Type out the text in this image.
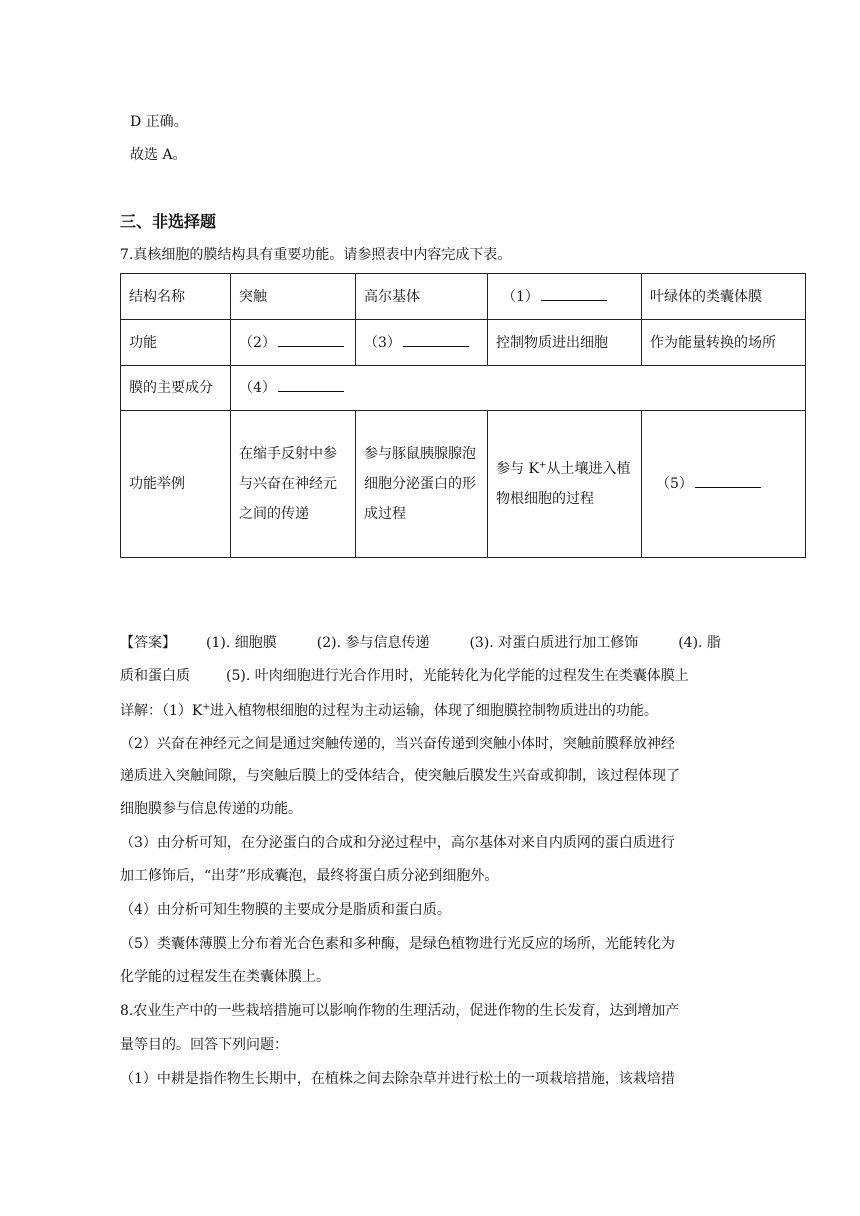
D 正确。
故选 A。
三、非选择题
7.真核细胞的膜结构具有重要功能。请参照表中内容完成下表。
结构名称	突触	高尔基体	（1）	叶绿体的类囊体膜
功能	（2）	（3）	控制物质进出细胞	作为能量转换的场所
膜的主要成分	（4）			
功能举例	在缩手反射中参与兴奋在神经元之间的传递	参与豚鼠胰腺腺泡细胞分泌蛋白的形成过程	参与 K+从土壤进入植物根细胞的过程	（5）
【答案】 (1). 细胞膜	(2). 参与信息传递	(3). 对蛋白质进行加工修饰	(4). 脂
质和蛋白质	(5). 叶肉细胞进行光合作用时，光能转化为化学能的过程发生在类囊体膜上
详解：（1）K+进入植物根细胞的过程为主动运输，体现了细胞膜控制物质进出的功能。
（2）兴奋在神经元之间是通过突触传递的，当兴奋传递到突触小体时，突触前膜释放神经
递质进入突触间隙，与突触后膜上的受体结合，使突触后膜发生兴奋或抑制，该过程体现了
细胞膜参与信息传递的功能。
（3）由分析可知，在分泌蛋白的合成和分泌过程中，高尔基体对来自内质网的蛋白质进行
加工修饰后，“出芽”形成囊泡，最终将蛋白质分泌到细胞外。
（4）由分析可知生物膜的主要成分是脂质和蛋白质。
（5）类囊体薄膜上分布着光合色素和多种酶，是绿色植物进行光反应的场所，光能转化为
化学能的过程发生在类囊体膜上。
8.农业生产中的一些栽培措施可以影响作物的生理活动，促进作物的生长发育，达到增加产
量等目的。回答下列问题：
（1）中耕是指作物生长期中，在植株之间去除杂草并进行松土的一项栽培措施，该栽培措
